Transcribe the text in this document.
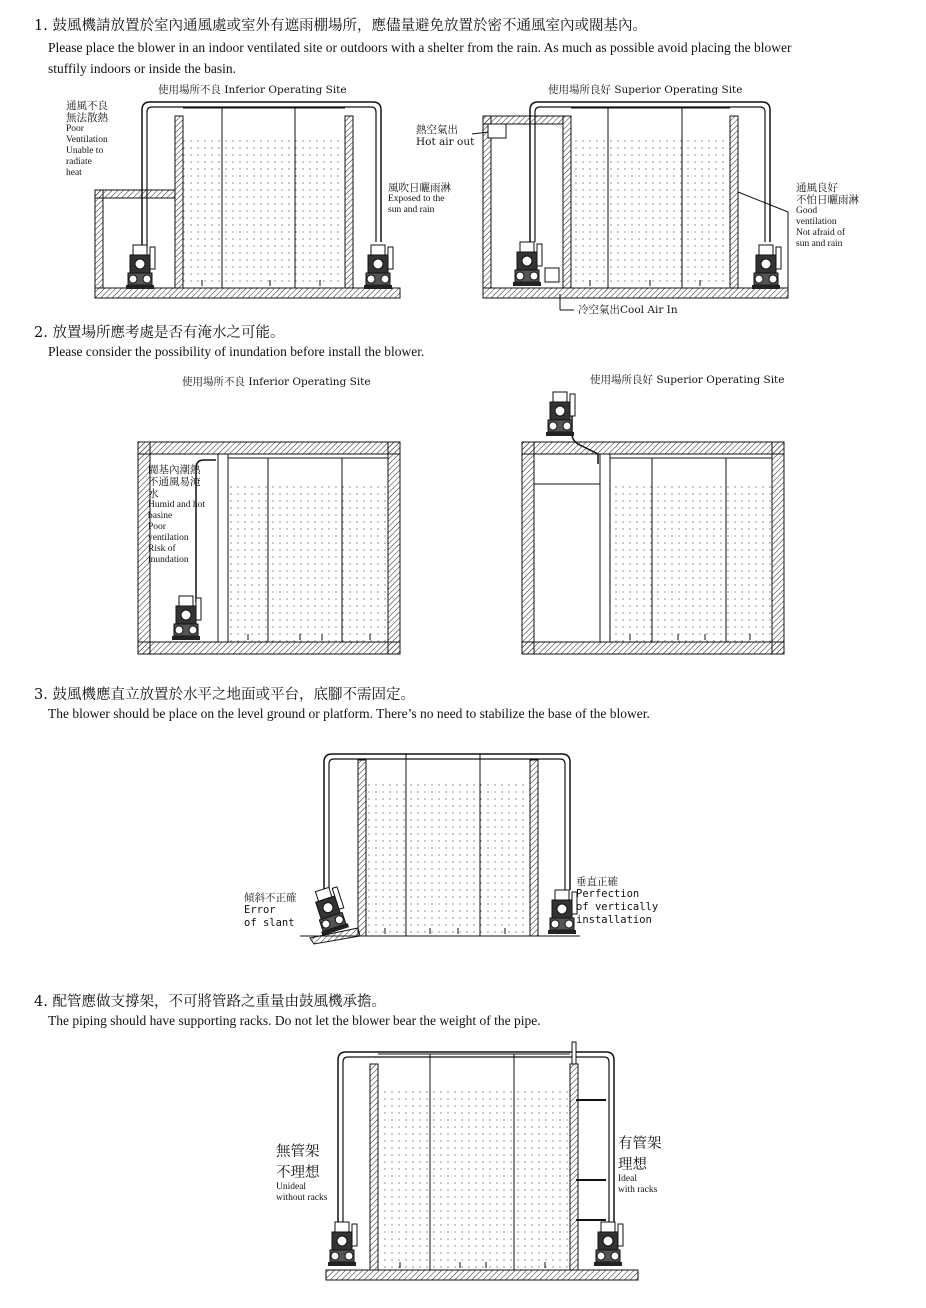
1. 鼓風機請放置於室內通風處或室外有遮雨棚場所，應儘量避免放置於密不通風室內或閥基內。
Please place the blower in an indoor ventilated site or outdoors with a shelter from the rain. As much as possible avoid placing the blower
stuffily indoors or inside the basin.
2. 放置場所應考處是否有淹水之可能。
Please consider the possibility of inundation before install the blower.
3. 鼓風機應直立放置於水平之地面或平台，底腳不需固定。
The blower should be place on the level ground or platform. There’s no need to stabilize the base of the blower.
4. 配管應做支撐架，不可將管路之重量由鼓風機承擔。
The piping should have supporting racks. Do not let the blower bear the weight of the pipe.
使用場所不良 Inferior Operating Site	使用場所良好 Superior Operating Site
通風不良
無法散熱
Poor
Ventilation
Unable to
radiate
heat
風吹日曬雨淋
Exposed to the
sun and rain
熱空氣出
Hot air out
通風良好
不怕日曬雨淋
Good
ventilation
Not afraid of
sun and rain
冷空氣出Cool Air In
使用場所不良 Inferior Operating Site	使用場所良好 Superior Operating Site
閥基內潮熱
不通風易淹
水
Humid and hot
basine
Poor
ventilation
Risk of
inundation
傾斜不正確
Error
of slant
垂直正確
Perfection
of vertically
installation
無管架
不理想
Unideal
without racks
有管架
理想
Ideal
with racks
